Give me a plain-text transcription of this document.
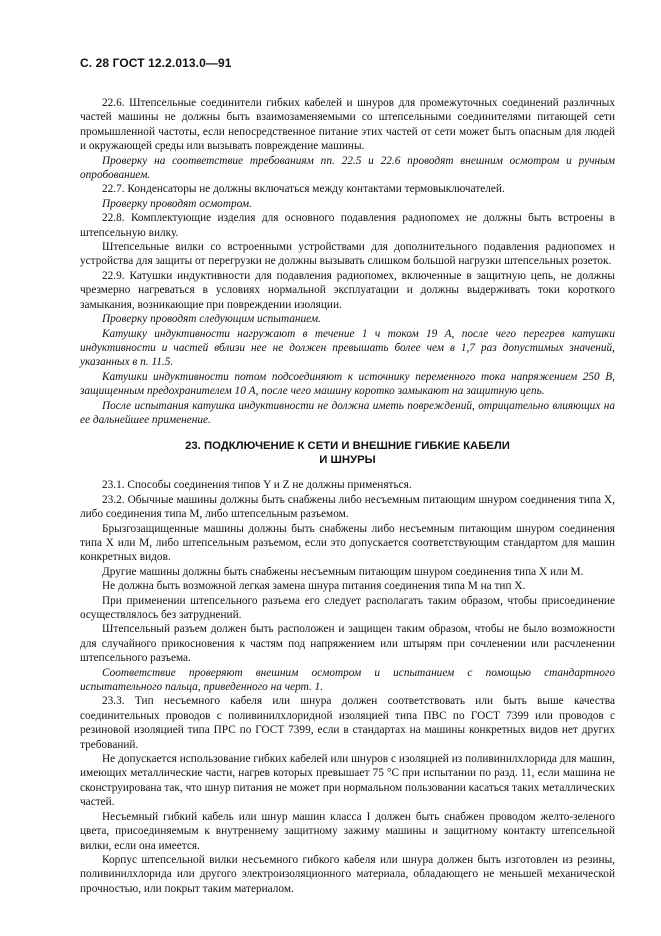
С. 28 ГОСТ 12.2.013.0—91

22.6. Штепсельные соединители гибких кабелей и шнуров для промежуточных соединений различных частей машины не должны быть взаимозаменяемыми со штепсельными соединителями питающей сети промышленной частоты, если непосредственное питание этих частей от сети может быть опасным для людей и окружающей среды или вызывать повреждение машины.

Проверку на соответствие требованиям пп. 22.5 и 22.6 проводят внешним осмотром и ручным опробованием.

22.7. Конденсаторы не должны включаться между контактами термовыключателей.

Проверку проводят осмотром.

22.8. Комплектующие изделия для основного подавления радиопомех не должны быть встроены в штепсельную вилку.

Штепсельные вилки со встроенными устройствами для дополнительного подавления радиопомех и устройства для защиты от перегрузки не должны вызывать слишком большой нагрузки штепсельных розеток.

22.9. Катушки индуктивности для подавления радиопомех, включенные в защитную цепь, не должны чрезмерно нагреваться в условиях нормальной эксплуатации и должны выдерживать токи короткого замыкания, возникающие при повреждении изоляции.

Проверку проводят следующим испытанием.

Катушку индуктивности нагружают в течение 1 ч током 19 А, после чего перегрев катушки индуктивности и частей вблизи нее не должен превышать более чем в 1,7 раз допустимых значений, указанных в п. 11.5.

Катушки индуктивности потом подсоединяют к источнику переменного тока напряжением 250 В, защищенным предохранителем 10 А, после чего машину коротко замыкают на защитную цепь.

После испытания катушка индуктивности не должна иметь повреждений, отрицательно влияющих на ее дальнейшее применение.

23. ПОДКЛЮЧЕНИЕ К СЕТИ И ВНЕШНИЕ ГИБКИЕ КАБЕЛИ
И ШНУРЫ

23.1. Способы соединения типов Y и Z не должны применяться.

23.2. Обычные машины должны быть снабжены либо несъемным питающим шнуром соединения типа X, либо соединения типа M, либо штепсельным разъемом.

Брызгозащищенные машины должны быть снабжены либо несъемным питающим шнуром соединения типа X или M, либо штепсельным разъемом, если это допускается соответствующим стандартом для машин конкретных видов.

Другие машины должны быть снабжены несъемным питающим шнуром соединения типа X или M.

Не должна быть возможной легкая замена шнура питания соединения типа M на тип X.

При применении штепсельного разъема его следует располагать таким образом, чтобы присоединение осуществлялось без затруднений.

Штепсельный разъем должен быть расположен и защищен таким образом, чтобы не было возможности для случайного прикосновения к частям под напряжением или штырям при сочленении или расчленении штепсельного разъема.

Соответствие проверяют внешним осмотром и испытанием с помощью стандартного испытательного пальца, приведенного на черт. 1.

23.3. Тип несъемного кабеля или шнура должен соответствовать или быть выше качества соединительных проводов с поливинилхлоридной изоляцией типа ПВС по ГОСТ 7399 или проводов с резиновой изоляцией типа ПРС по ГОСТ 7399, если в стандартах на машины конкретных видов нет других требований.

Не допускается использование гибких кабелей или шнуров с изоляцией из поливинилхлорида для машин, имеющих металлические части, нагрев которых превышает 75 °С при испытании по разд. 11, если машина не сконструирована так, что шнур питания не может при нормальном пользовании касаться таких металлических частей.

Несъемный гибкий кабель или шнур машин класса I должен быть снабжен проводом желто-зеленого цвета, присоединяемым к внутреннему защитному зажиму машины и защитному контакту штепсельной вилки, если она имеется.

Корпус штепсельной вилки несъемного гибкого кабеля или шнура должен быть изготовлен из резины, поливинилхлорида или другого электроизоляционного материала, обладающего не меньшей механической прочностью, или покрыт таким материалом.
